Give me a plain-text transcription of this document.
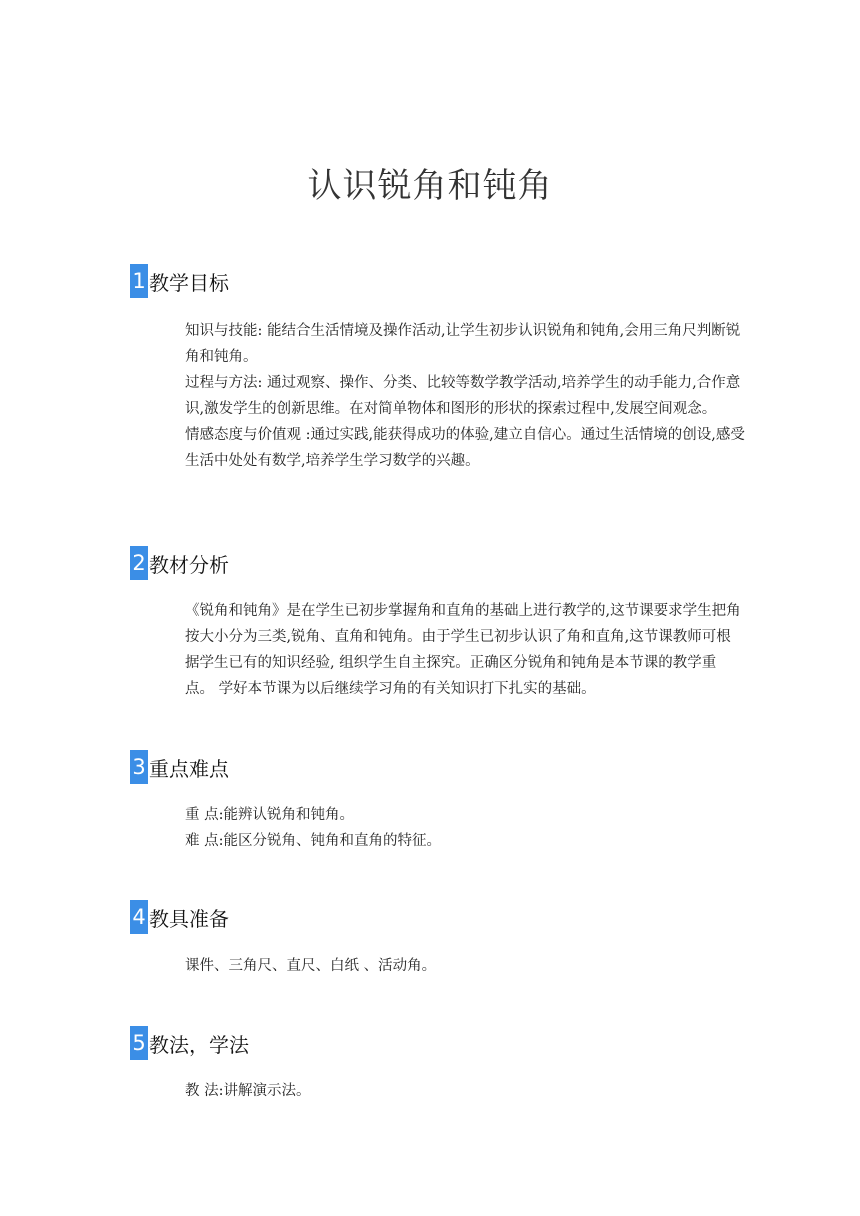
认识锐角和钝角
1 教学目标

知识与技能: 能结合生活情境及操作活动,让学生初步认识锐角和钝角,会用三角尺判断锐角和钝角。

过程与方法: 通过观察、操作、分类、比较等数学教学活动,培养学生的动手能力,合作意识,激发学生的创新思维。在对简单物体和图形的形状的探索过程中,发展空间观念。

情感态度与价值观 :通过实践,能获得成功的体验,建立自信心。通过生活情境的创设,感受生活中处处有数学,培养学生学习数学的兴趣。

2 教材分析

《锐角和钝角》是在学生已初步掌握角和直角的基础上进行教学的,这节课要求学生把角按大小分为三类,锐角、直角和钝角。由于学生已初步认识了角和直角,这节课教师可根据学生已有的知识经验, 组织学生自主探究。正确区分锐角和钝角是本节课的教学重点。 学好本节课为以后继续学习角的有关知识打下扎实的基础。

3 重点难点

重 点:能辨认锐角和钝角。

难 点:能区分锐角、钝角和直角的特征。

4 教具准备

课件、三角尺、直尺、白纸 、活动角。

5 教法，学法

教 法:讲解演示法。
